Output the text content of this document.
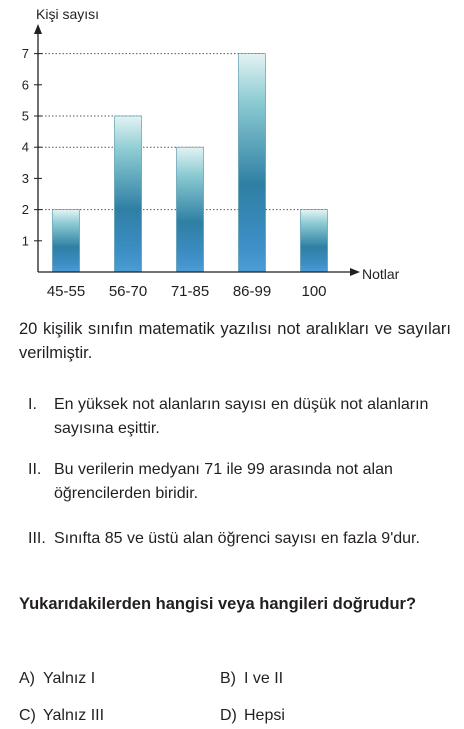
1
2
3
4
5
6
7
45-55 56-70 71-85 86-99 100
Kişi sayısı
Notlar

20 kişilik sınıfın matematik yazılısı not aralıkları ve sayıları verilmiştir.

I.	En yüksek not alanların sayısı en düşük not alanların sayısına eşittir.
II. Bu verilerin medyanı 71 ile 99 arasında not alan öğrencilerden biridir.
III. Sınıfta 85 ve üstü alan öğrenci sayısı en fazla 9'dur.

Yukarıdakilerden hangisi veya hangileri doğrudur?

A) Yalnız I	B) I ve II
C) Yalnız III	D) Hepsi
